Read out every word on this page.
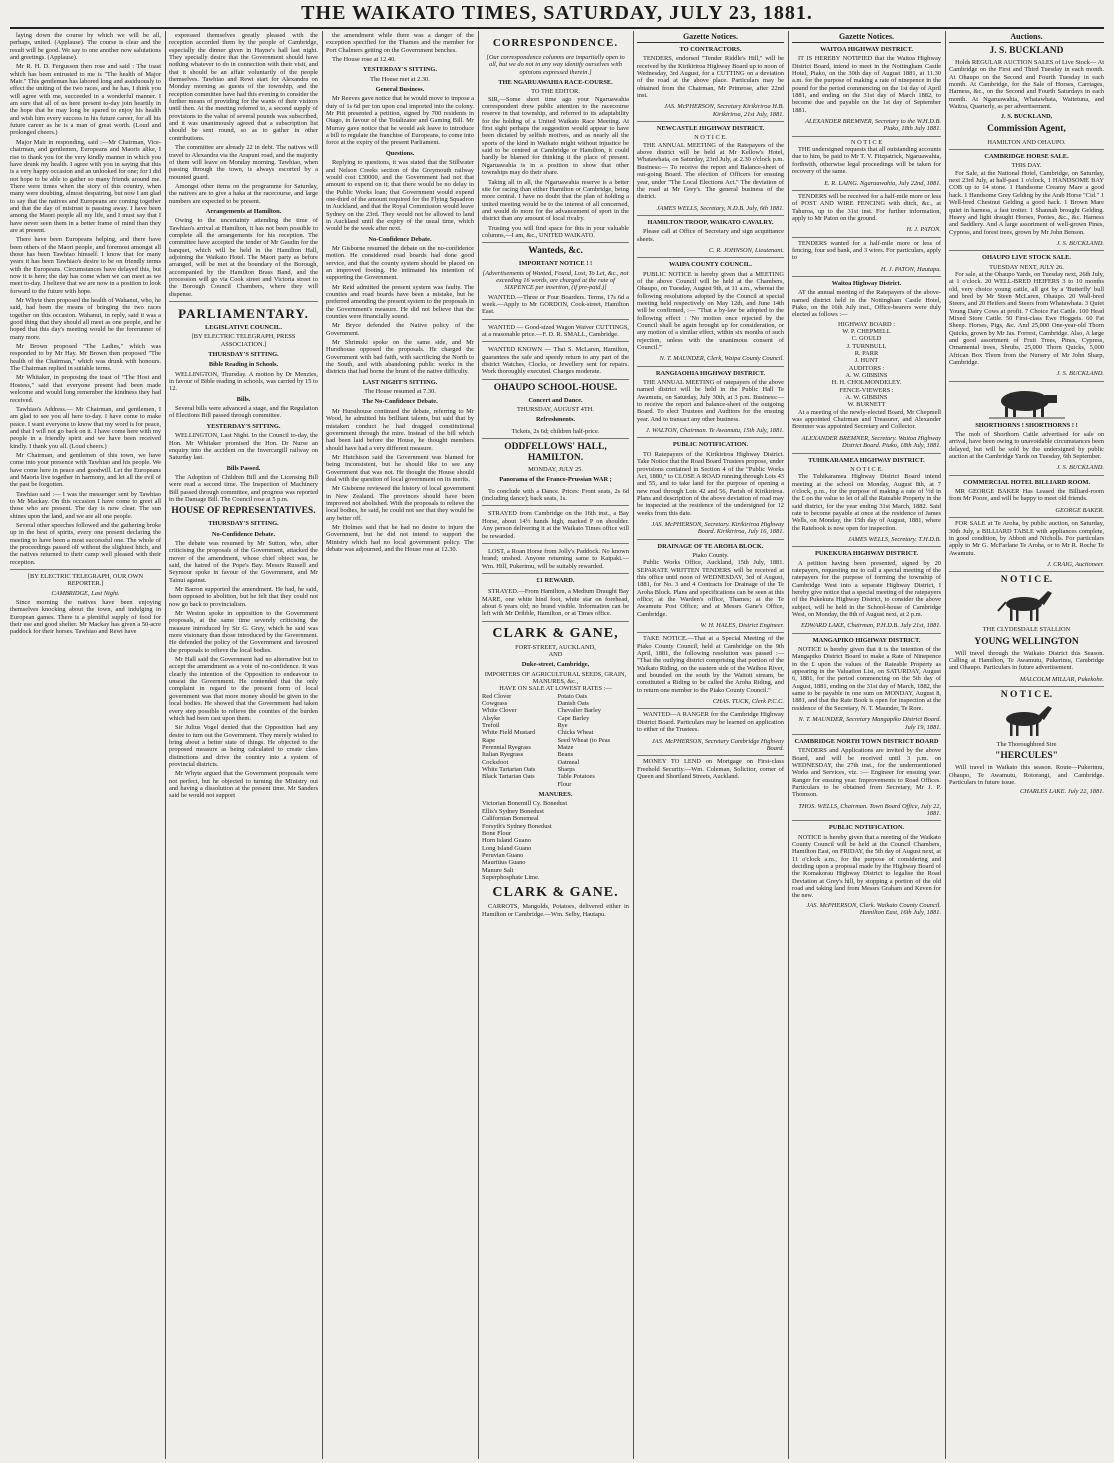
THE WAIKATO TIMES, SATURDAY, JULY 23, 1881.

laying down the course by which we will be all, perhaps, united. (Applause). The course is clear and the result will be good. We say to one another now salutations and greetings. (Applause).

Mr R. H. D. Fergusson then rose and said : The toast which has been entrusted to me is "The health of Major Mair." This gentleman has labored long and assiduously to effect the uniting of the two races, and he has, I think you will agree with me, succeeded in a wonderful manner. I am sure that all of us here present to-day join heartily in the hope that he may long be spared to enjoy his health and wish him every success in his future career, for all his future career as he is a man of great worth. (Loud and prolonged cheers.)

Major Mair in responding, said :—Mr Chairman, Vice-chairman, and gentlemen, Europeans and Maoris alike, I rise to thank you for the very kindly manner in which you have drunk my health. I agree with you in saying that this is a very happy occasion and an unlooked for one; for I did not hope to be able to gather so many friends around me. There were times when the story of this country, when many were doubting, almost despairing, but now I am glad to say that the natives and Europeans are coming together and that the day of mistrust is passing away. I have been among the Maori people all my life, and I must say that I have never seen them in a better frame of mind than they are at present.

There have been Europeans helping, and there have been others of the Maori people, and foremost amongst all those has been Tawhiao himself. I know that for many years it has been Tawhiao's desire to be on friendly terms with the Europeans. Circumstances have delayed this, but now it is here; the day has come when we can meet as we meet to-day. I believe that we are now in a position to look forward to the future with hope.

Mr Whyte then proposed the health of Wahanui, who, he said, had been the means of bringing the two races together on this occasion. Wahanui, in reply, said it was a good thing that they should all meet as one people, and he hoped that this day's meeting would be the forerunner of many more.

Mr Brown proposed "The Ladies," which was responded to by Mr Hay. Mr Brown then proposed "The health of the Chairman," which was drunk with honours. The Chairman replied in suitable terms.

Mr Whitaker, in proposing the toast of "The Host and Hostess," said that everyone present had been made welcome and would long remember the kindness they had received.

Tawhiao's Address.— Mr Chairman, and gentlemen, I am glad to see you all here to-day. I have come to make peace. I want everyone to know that my word is for peace, and that I will not go back on it. I have come here with my people in a friendly spirit and we have been received kindly. I thank you all. (Loud cheers.)

Mr Chairman, and gentlemen of this town, we have come into your presence with Tawhiao and his people. We have come here in peace and goodwill. Let the Europeans and Maoris live together in harmony, and let all the evil of the past be forgotten.

Tawhiao said :— I was the messenger sent by Tawhiao to Mr Mackay. On this occasion I have come to greet all those who are present. The day is now clear. The sun shines upon the land, and we are all one people.

Several other speeches followed and the gathering broke up in the best of spirits, every one present declaring the meeting to have been a most successful one. The whole of the proceedings passed off without the slightest hitch, and the natives returned to their camp well pleased with their reception.

[BY ELECTRIC TELEGRAPH, OUR OWN REPORTER.]
CAMBRIDGE, Last Night.

Since morning the natives have been enjoying themselves knocking about the town, and indulging in European games. There is a plentiful supply of food for their use and good shelter. Mr Mackay has given a 50-acre paddock for their horses. Tawhiao and Rewi have

expressed themselves greatly pleased with the reception accorded them by the people of Cambridge, especially the dinner given in Hayne's hall last night. They specially desire that the Government should have nothing whatever to do in connection with their visit, and that it should be an affair voluntarily of the people themselves. Tawhiao and Rewi start for Alexandra on Monday morning as guests of the township, and the reception committee have had this evening to consider the further means of providing for the wants of their visitors until then. At the meeting referred to, a second supply of provisions to the value of several pounds was subscribed, and it was unanimously agreed that a subscription list should be sent round, so as to gather in other contributions.

The committee are already 22 in debt. The natives will travel to Alexandra via the Arapuni road, and the majority of them will leave on Monday morning. Tawhiao, when passing through the town, is always escorted by a mounted guard.

Amongst other items on the programme for Saturday, the natives are to give a haka at the racecourse, and large numbers are expected to be present.

Arrangements at Hamilton.

Owing to the uncertainty attending the time of Tawhiao's arrival at Hamilton, it has not been possible to complete all the arrangements for his reception. The committee have accepted the tender of Mr Gaudin for the banquet, which will be held in the Hamilton Hall, adjoining the Waikato Hotel. The Maori party as before arranged, will be met at the boundary of the Borough, accompanied by the Hamilton Brass Band, and the procession will go via Cook street and Victoria street to the Borough Council Chambers, where they will dispense.

PARLIAMENTARY.
LEGISLATIVE COUNCIL.
[BY ELECTRIC TELEGRAPH, PRESS ASSOCIATION.]
THURSDAY'S SITTING.
Bible Reading in Schools.

WELLINGTON, Thursday. A motion by Dr Menzies, in favour of Bible reading in schools, was carried by 15 to 12.

Bills.

Several bills were advanced a stage, and the Regulation of Elections Bill passed through committee.

YESTERDAY'S SITTING.

WELLINGTON, Last Night. In the Council to-day, the Hon. Mr Whitaker promised the Hon. Dr Nurse an enquiry into the accident on the Invercargill railway on Saturday last.

Bills Passed.

The Adoption of Children Bill and the Licensing Bill were read a second time. The Inspection of Machinery Bill passed through committee, and progress was reported in the Damage Bill. The Council rose at 5 p.m.

HOUSE OF REPRESENTATIVES.
THURSDAY'S SITTING.
No-Confidence Debate.

The debate was resumed by Mr Sutton, who, after criticising the proposals of the Government, attacked the mover of the amendment, whose chief object was, he said, the hatred of the Pope's Bay. Messrs Russell and Seymour spoke in favour of the Government, and Mr Tainui against.

Mr Barron supported the amendment. He had, he said, been opposed to abolition, but he felt that they could not now go back to provincialism.

Mr Weston spoke in opposition to the Government proposals, at the same time severely criticising the measure introduced by Sir G. Grey, which he said was more visionary than those introduced by the Government. He defended the policy of the Government and favoured the proposals to relieve the local bodies.

Mr Hall said the Government had no alternative but to accept the amendment as a vote of no-confidence. It was clearly the intention of the Opposition to endeavour to unseat the Government. He contended that the only complaint in regard to the present form of local government was that more money should be given to the local bodies. He showed that the Government had taken every step possible to relieve the counties of the burden which had been cast upon them.

Sir Julius Vogel denied that the Opposition had any desire to turn out the Government. They merely wished to bring about a better state of things. He objected to the proposed measure as being calculated to create class distinctions and drive the country into a system of provincial districts.

Mr Whyte argued that the Government proposals were not perfect, but he objected to turning the Ministry out and having a dissolution at the present time. Mr Sanders said he would not support

the amendment while there was a danger of the exception specified for the Thames and the member for Port Chalmers getting on the Government benches.

The House rose at 12.40.

YESTERDAY'S SITTING.
The House met at 2.30.
General Business.

Mr Reeves gave notice that he would move to impose a duty of 1s 6d per ton upon coal imported into the colony. Mr Pitt presented a petition, signed by 700 residents in Otago, in favour of the Totalizator and Gaming Bill. Mr Murray gave notice that he would ask leave to introduce a bill to regulate the franchise of Europeans, to come into force at the expiry of the present Parliament.

Questions.

Replying to questions, it was stated that the Stillwater and Nelson Creeks section of the Greymouth railway would cost £30000, and the Government had not that amount to expend on it; that there would be no delay in the Public Works loan; that Government would expend one-third of the amount required for the Flying Squadron in Auckland, and that the Royal Commission would leave Sydney on the 23rd. They would not be allowed to land in Auckland until the expiry of the usual time, which would be the week after next.

No-Confidence Debate.

Mr Gisborne resumed the debate on the no-confidence motion. He considered road boards had done good service, and that the county system should be placed on an improved footing. He intimated his intention of supporting the Government.

Mr Reid admitted the present system was faulty. The counties and road boards have been a mistake, but he preferred amending the present system to the proposals in the Government's measure. He did not believe that the counties were financially sound.

Mr Bryce defended the Native policy of the Government.

Mr Shrimski spoke on the same side, and Mr Hursthouse opposed the proposals. He charged the Government with bad faith, with sacrificing the North to the South, and with abandoning public works in the districts that had borne the brunt of the native difficulty.

LAST NIGHT'S SITTING.
The House resumed at 7.30.
The No-Confidence Debate.

Mr Hursthouse continued the debate, referring to Mr Wood, he admitted his brilliant talents, but said that by mistaken conduct he had dragged constitutional government through the mire. Instead of the bill which had been laid before the House, he thought members should have had a very different measure.

Mr Hutchison said the Government was blamed for being inconsistent, but he should like to see any Government that was not. He thought the House should deal with the question of local government on its merits.

Mr Gisborne reviewed the history of local government in New Zealand. The provinces should have been improved not abolished. With the proposals to relieve the local bodies, he said, he could not see that they would be any better off.

Mr Holmes said that he had no desire to injure the Government, but he did not intend to support the Ministry which had no local government policy. The debate was adjourned, and the House rose at 12.30.

CORRESPONDENCE.
[Our correspondence columns are impartially open to all, but we do not in any way identify ourselves with opinions expressed therein.]
THE NGARUAWAHIA RACE-COURSE.
TO THE EDITOR.

SIR,—Some short time ago your Ngaruawahia correspondent drew public attention to the racecourse reserve in that township, and referred to its adaptability for the holding of a United Waikato Race Meeting. At first sight perhaps the suggestion would appear to have been dictated by selfish motives, and as nearly all the sports of the kind in Waikato might without injustice be said to be centred at Cambridge or Hamilton, it could hardly be blamed for thinking it the place of present. Ngaruawahia is in a position to show that other townships may do their share.

Taking all in all, the Ngaruawahia reserve is a better site for racing than either Hamilton or Cambridge, being more central. I have no doubt that the plan of holding a united meeting would be to the interest of all concerned, and would do more for the advancement of sport in the district than any amount of local rivalry.

Trusting you will find space for this in your valuable columns,—I am, &c., UNITED WAIKATO.

Wanteds, &c.
IMPORTANT NOTICE ! !
[Advertisements of Wanted, Found, Lost, To Let, &c., not exceeding 16 words, are charged at the rate of SIXPENCE per insertion, (if pre-paid.)]

WANTED.—Three or Four Boarders. Terms, 17s 6d a week.—Apply to Mr GORDON, Cook-street, Hamilton East.

WANTED — Good-sized Wagon Waiver CUTTINGS, at a reasonable price.—F. D. R. SMALL, Cambridge.

WANTED KNOWN — That S. McLaren, Hamilton, guarantees the safe and speedy return to any part of the district Watches, Clocks, or Jewellery sent for repairs. Work thoroughly executed. Charges moderate.

OHAUPO SCHOOL-HOUSE.
Concert and Dance.
THURSDAY, AUGUST 4TH.
Refreshments.
Tickets, 2s 6d; children half-price.
ODDFELLOWS' HALL, HAMILTON.
MONDAY, JULY 25.
Panorama of the Franco-Prussian WAR ;

To conclude with a Dance. Prices: Front seats, 2s 6d (including dance); back seats, 1s.

STRAYED from Cambridge on the 16th inst., a Bay Horse, about 14½ hands high, marked P on shoulder. Any person delivering it at the Waikato Times office will be rewarded.

LOST, a Roan Horse from Jolly's Paddock. No known brand; unshod. Anyone returning same to Kaipaki.—Wm. Hill, Pukerimu, will be suitably rewarded.

£1 REWARD.

STRAYED.—From Hamilton, a Medium Draught Bay MARE, one white hind foot, white star on forehead, about 6 years old; no brand visible. Information can be left with Mr Dribble, Hamilton, or at Times office.

CLARK & GANE,
FORT-STREET, AUCKLAND,
AND
Duke-street, Cambridge,
IMPORTERS OF AGRICULTURAL SEEDS, GRAIN, MANURES, &c.,
HAVE ON SALE AT LOWEST RATES :—
Red Clover
Cowgrass
White Clover
Alsyke
Trefoil
White Field Mustard
Rape
Perennial Ryegrass
Italian Ryegrass
Cocksfoot
White Tartarian Oats
Black Tartarian Oats
Potato Oats
Danish Oats
Chevalier Barley
Cape Barley
Rye
Chicks Wheat
Seed Wheat (to Peas
Maize
Beans
Oatmeal
Sharps
Table Potatoes
Flour
MANURES.
Victorian Bonemill Cy. Bonedust
Ellis's Sydney Bonedust
Californian Bonemeal
Forsyth's Sydney Bonedust
Bone Flour
Horn Island Guano
Long Island Guano
Peruvian Guano
Mauritius Guano
Manure Salt
Superphosphate Lime.
CLARK & GANE.

CARROTS, Mangolds, Potatoes, delivered either in Hamilton or Cambridge.—Wm. Selby, Hautapu.

Gazette Notices.
TO CONTRACTORS.

TENDERS, endorsed "Tender Riddle's Hill," will be received by the Kirikiriroa Highway Board up to noon of Wednesday, 3rd August, for a CUTTING on a deviation of the road at the above place. Particulars may be obtained from the Chairman, Mr Primrose, after 22nd inst.

JAS. McPHERSON, Secretary Kirikiriroa H.B. Kirikiriroa, 21st July, 1881.
NEWCASTLE HIGHWAY DISTRICT.
N O T I C E.

THE ANNUAL MEETING of the Ratepayers of the above district will be held at Mr Kellow's Hotel, Whatawhata, on Saturday, 23rd July, at 2.30 o'clock p.m. Business:— To receive the report and Balance-sheet of out-going Board. The election of Officers for ensuing year, under "The Local Elections Act." The deviation of the road at Mr Grey's. The general business of the district.

JAMES WELLS, Secretary, N.D.B. July, 6th 1881.
HAMILTON TROOP, WAIKATO CAVALRY.

Please call at Office of Secretary and sign acquittance sheets.

C. R. JOHNSON, Lieutenant.
WAIPA COUNTY COUNCIL.

PUBLIC NOTICE is hereby given that a MEETING of the above Council will be held at the Chambers, Ohaupo, on Tuesday, August 9th, at 11 a.m., whereat the following resolutions adopted by the Council at special meeting held respectively on May 12th, and June 14th will be confirmed, :— "That a by-law be adopted to the following effect : 'No motion once rejected by the Council shall be again brought up for consideration, or any motion of a similar effect, within six months of such rejection, unless with the unanimous consent of Council.'"

N. T. MAUNDER, Clerk, Waipa County Council.
RANGIAOHIA HIGHWAY DISTRICT.

THE ANNUAL MEETING of ratepayers of the above named district will be held in the Public Hall Te Awamutu, on Saturday, July 30th, at 3 p.m. Business:—to receive the report and balance-sheet of the outgoing Board. To elect Trustees and Auditors for the ensuing year. And to transact any other business.

J. WALTON, Chairman. Te Awamutu, 15th July, 1881.
PUBLIC NOTIFICATION.

TO Ratepayers of the Kirikiriroa Highway District. Take Notice that the Road Board Trustees propose, under provisions contained in Section 4 of the "Public Works Act, 1880," to CLOSE A ROAD running through Lots 43 and 55, and to take land for the purpose of opening a new road through Lots 42 and 56, Parish of Kirikiriroa. Plans and description of the above deviation of road may be inspected at the residence of the undersigned for 12 weeks from this date.

JAS. McPHERSON, Secretary. Kirikiriroa Highway Board. Kirikiriroa, July 16, 1881.
DRAINAGE OF TE AROHA BLOCK.
Piako County.

Public Works Office, Auckland, 15th July, 1881. SEPARATE WRITTEN TENDERS will be received at this office until noon of WEDNESDAY, 3rd of August, 1881, for No. 3 and 4 Contracts for Drainage of the Te Aroha Block. Plans and specifications can be seen at this office; at the Warden's office, Thames; at the Te Awamutu Post Office; and at Messrs Gane's Office, Cambridge.

W. H. HALES, District Engineer.

TAKE NOTICE.—That at a Special Meeting of the Piako County Council, held at Cambridge on the 9th April, 1881, the following resolution was passed :— "That the outlying district comprising that portion of the Waikato Riding, on the eastern side of the Waihou River, and bounded on the south by the Waitoti stream, be constituted a Riding to be called the Aroha Riding, and to return one member to the Piako County Council."

CHAS. TUCK, Clerk P.C.C.

WANTED—A RANGER for the Cambridge Highway District Board. Particulars may be learned on application to either of the Trustees.

JAS. McPHERSON, Secretary Cambridge Highway Board.

MONEY TO LEND on Mortgage on First-class Freehold Security.—Wm. Coleman, Solicitor, corner of Queen and Shortland Streets, Auckland.

Gazette Notices.
WAITOA HIGHWAY DISTRICT.

IT IS HEREBY NOTIFIED that the Waitoa Highway District Board, intend to meet in the Nottingham Castle Hotel, Piako, on the 30th day of August 1881, at 11.30 a.m. for the purpose of making a rate of ninepence in the pound for the period commencing on the 1st day of April 1881, and ending on the 31st day of March 1882, to become due and payable on the 1st day of September 1881.

ALEXANDER BREMNER, Secretary to the W.H.D.B. Piako, 18th July 1881.
N O T I C E

THE undersigned requests that all outstanding accounts due to him, be paid to Mr T. V. Fitzpatrick, Ngaruawahia, forthwith, otherwise legal proceedings will be taken for recovery of the same.

E. R. LAING. Ngaruawahia, July 22nd, 1881.

TENDERS will be received for a half-mile more or less of POST AND WIRE FENCING with ditch, &c., at Tahuroa, up to the 31st inst. For further information, apply to Mr Paton on the ground.

H. J. PATON.

TENDERS wanted for a half-mile more or less of fencing, four sod bank, and 3 wires. For particulars, apply to

H. J. PATON, Hautapu.
Waitoa Highway District.

AT the annual meeting of the Ratepayers of the above-named district held in the Nottingham Castle Hotel, Piako, on the 16th July inst., Office-bearers were duly elected as follows :—

HIGHWAY BOARD :
W. P. CHEPMELL
C. GOULD
J. TURNBULL
R. PARR
J. HUNT
AUDITORS :
A. W. GIBBINS
H. H. CHOLMONDELEY.
FENCE-VIEWERS :
A. W. GIBBINS
W. BURNETT

At a meeting of the newly-elected Board, Mr Chepmell was appointed Chairman and Treasurer, and Alexander Bremner was appointed Secretary and Collector.

ALEXANDER BREMNER, Secretary. Waitoa Highway District Board. Piako, 18th July, 1881.
TUHIKARAMEA HIGHWAY DISTRICT.
N O T I C E.

The Tuhikaramea Highway District Board intend meeting at the school on Monday, August 8th, at 7 o'clock, p.m., for the purpose of making a rate of ½d in the £ on the value to let of all the Rateable Property in the said district, for the year ending 31st March, 1882. Said rate to become payable at once at the residence of James Wells, on Monday, the 15th day of August, 1881, where the Ratebook is now open for inspection.

JAMES WELLS, Secretary. T.H.D.B.
PUKEKURA HIGHWAY DISTRICT.

A petition having been presented, signed by 20 ratepayers, requesting me to call a special meeting of the ratepayers for the purpose of forming the township of Cambridge West into a separate Highway District, I hereby give notice that a special meeting of the ratepayers of the Pukekura Highway District, to consider the above subject, will be held in the School-house of Cambridge West, on Monday, the 8th of August next, at 2 p.m.

EDWARD LAKE, Chairman, P.H.D.B. July 21st, 1881.
MANGAPIKO HIGHWAY DISTRICT.

NOTICE is hereby given that it is the intention of the Mangapiko District Board to make a Rate of Ninepence in the £ upon the values of the Rateable Property as appearing in the Valuation List, on SATURDAY, August 6, 1881, for the period commencing on the 5th day of August, 1881, ending on the 31st day of March, 1882, the same to be payable in one sum on MONDAY, August 8, 1881, and that the Rate Book is open for inspection at the residence of the Secretary, N. T. Maunder, Te Rore.

N. T. MAUNDER, Secretary Mangapiko District Board. July 19, 1881.
CAMBRIDGE NORTH TOWN DISTRICT BOARD

TENDERS and Applications are invited by the above Board, and will be received until 3 p.m. on WEDNESDAY, the 27th inst., for the undermentioned Works and Services, viz. :— Engineer for ensuing year. Ranger for ensuing year. Improvements to Road Offices. Particulars to be obtained from Secretary, Mr J. P. Thomson.

THOS. WELLS, Chairman. Town Board Office, July 22, 1881.
PUBLIC NOTIFICATION.

NOTICE is hereby given that a meeting of the Waikato County Council will be held at the Council Chambers, Hamilton East, on FRIDAY, the 5th day of August next, at 11 o'clock a.m., for the purpose of considering and deciding upon a proposal made by the Highway Board of the Komakorau Highway District to legalise the Road Deviation at Grey's hill, by stopping a portion of the old road and taking land from Messrs Graham and Keven for the new.

JAS. McPHERSON, Clerk. Waikato County Council. Hamilton East, 16th July, 1881.
Auctions.
J. S. BUCKLAND

Holds REGULAR AUCTION SALES of Live Stock— At Cambridge on the First and Third Tuesday in each month. At Ohaupo on the Second and Fourth Tuesday in each month. At Cambridge, for the Sale of Horses, Carriages, Harness, &c., on the Second and Fourth Saturdays in each month. At Ngaruawahia, Whatawhata, Waitetuna, and Waitoa, Quarterly, as per advertisement.

J. S. BUCKLAND,
Commission Agent,
HAMILTON AND OHAUPO.
CAMBRIDGE HORSE SALE.
THIS DAY.

For Sale, at the National Hotel, Cambridge, on Saturday, next 23rd July, at half-past 1 o'clock, 1 HANDSOME BAY COB up to 14 stone. 1 Handsome Creamy Mare a good hack. 1 Handsome Grey Gelding by the Arab Horse "Cid." 1 Well-bred Chestnut Gelding a good hack. 1 Brown Mare quiet in harness, a fast trotter. 1 Shannah brought Gelding. Heavy and light draught Horses, Ponies, &c., &c. Harness and Saddlery. And A large assortment of well-grown Pines, Cypress, and forest trees, grown by Mr John Benson.

J. S. BUCKLAND.
OHAUPO LIVE STOCK SALE.
TUESDAY NEXT, JULY 26.

For sale, at the Ohaupo Yards, on Tuesday next, 26th July, at 1 o'clock. 20 WELL-BRED HEIFERS 3 to 10 months old, very choice young cattle, all got by a 'Butterfly' bull and bred by Mr Steen McLaren, Ohaupo. 20 Wall-bred Steers, and 20 Heifers and Steers from Whatawhata. 3 Quiet Young Dairy Cows at profit. 7 Choice Fat Cattle. 100 Head Mixed Store Cattle. 50 First-class Ewe Hoggets. 60 Fat Sheep. Horses, Pigs, &c. And 25,000 One-year-old Thorn Quicks, grown by Mr Jas. Forrest, Cambridge. Also, A large and good assortment of Fruit Trees, Pines, Cypress, Ornamental trees, Shrubs, 25,000 Thorn Quicks, 5,000 African Box Thorn from the Nursery of Mr John Sharp, Cambridge.

J. S. BUCKLAND.
SHORTHORNS ! SHORTHORNS ! !

The mob of Shorthorn Cattle advertised for sale on arrival, have been owing to unavoidable circumstances been delayed, but will be sold by the undersigned by public auction at the Cambridge Yards on Tuesday, 6th September.

J. S. BUCKLAND.
COMMERCIAL HOTEL BILLIARD ROOM.

MR GEORGE BAKER Has Leased the Billiard-room from Mr Poore, and will be happy to meet old friends.

GEORGE BAKER.

FOR SALE at Te Aroha, by public auction, on Saturday, 30th July, a BILLIARD TABLE with appliances complete, in good condition, by Abbott and Nicholls. For particulars apply to Mr G. McFarlane Te Aroha, or to Mr R. Roche Te Awamutu.

J. CRAIG, Auctioneer.
N O T I C E.
THE CLYDESDALE STALLION
YOUNG WELLINGTON

Will travel through the Waikato District this Season. Calling at Hamilton, Te Awamutu, Pukerimu, Cambridge and Ohaupo. Particulars in future advertisement.

MALCOLM MILLAR, Pukekohe.
N O T I C E.
The Thoroughbred Sire
"HERCULES"

Will travel in Waikato this season. Route—Pukerimu, Ohaupo, Te Awamutu, Rotorangi, and Cambridge. Particulars in future issue.

CHARLES LAKE. July 22, 1881.
